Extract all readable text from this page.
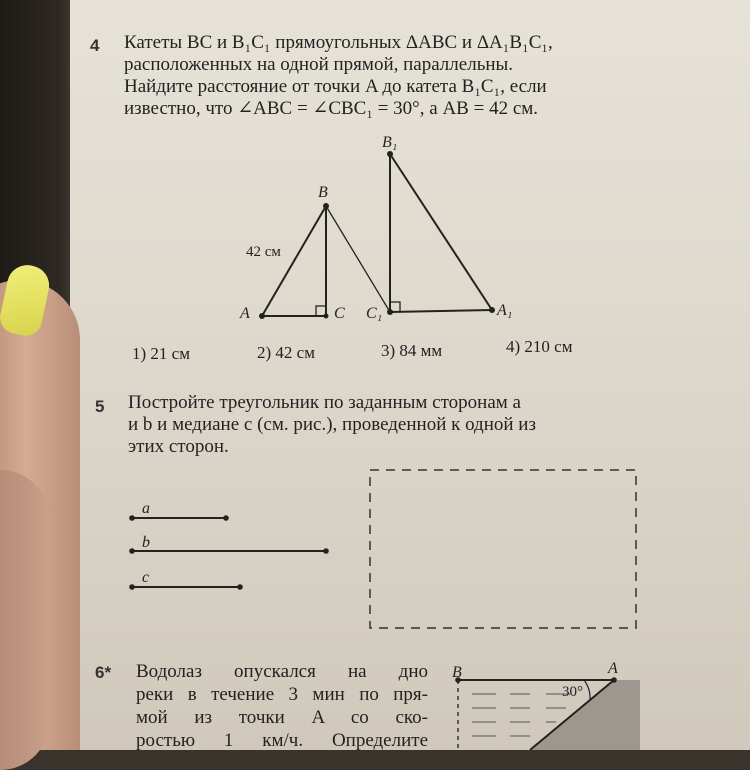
4 Катеты BC и B₁C₁ прямоугольных ΔABC и ΔA₁B₁C₁,
расположенных на одной прямой, параллельны.
Найдите расстояние от точки A до катета B₁C₁, если
известно, что ∠ABC = ∠CBC₁ = 30°, а AB = 42 см.
B₁
B
42 см
A	C C₁	A₁
1) 21 см	2) 42 см	3) 84 мм	4) 210 см
5 Постройте треугольник по заданным сторонам a
и b и медиане c (см. рис.), проведенной к одной из
этих сторон.
a
b
c
6* Водолаз опускался на дно
реки в течение 3 мин по пря-
мой из точки A со ско-
ростью 1 км/ч. Определите
B	A
30°
